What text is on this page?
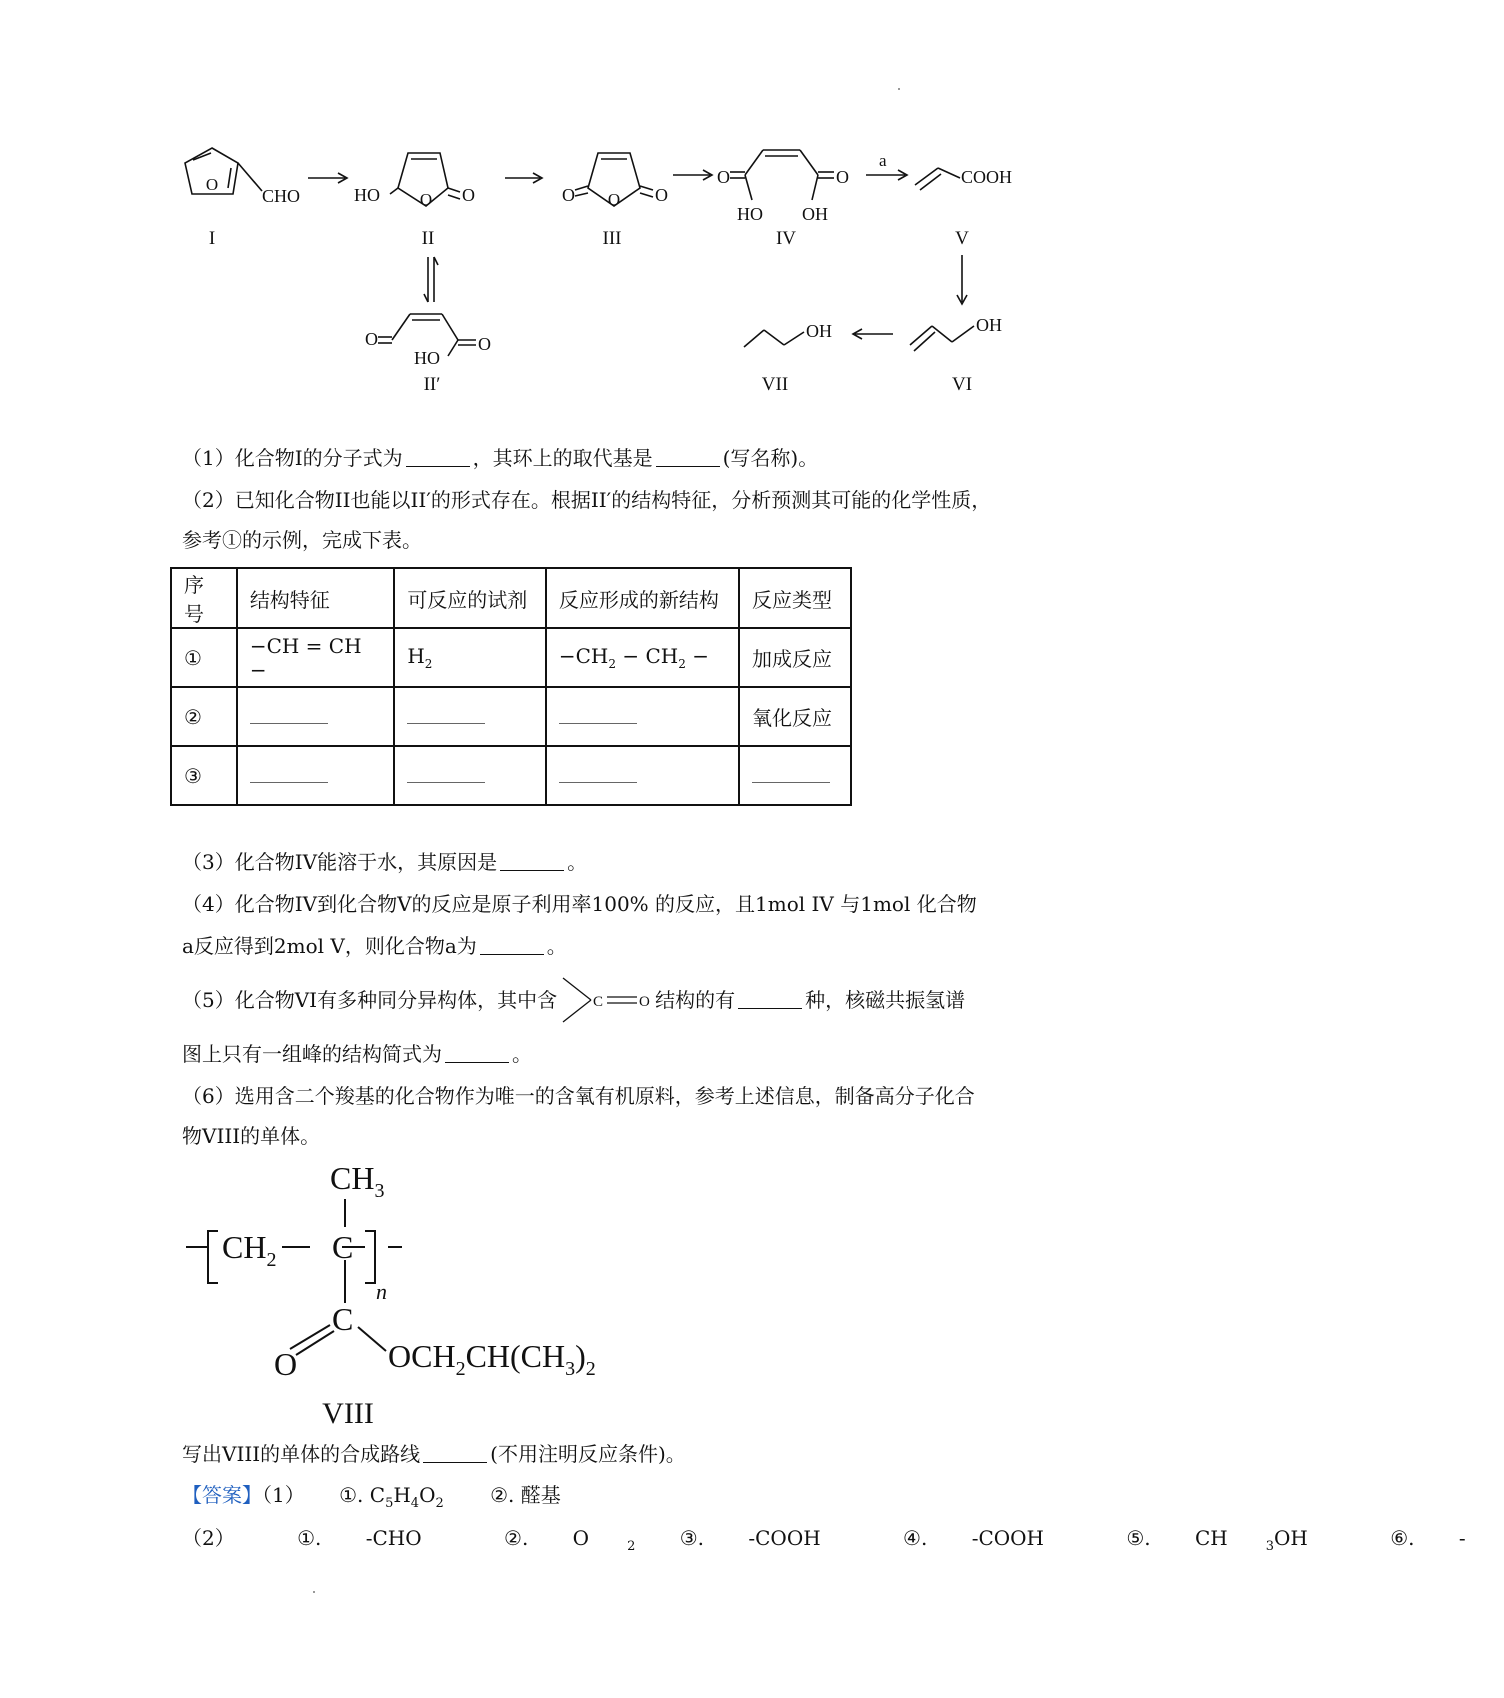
O
CHO	HO O O	O O O
O	O
HO OH
a
COOH
O	O
HO
OH
OH
I	II	III	IV	V
II′	VII	VI
（1）化合物I的分子式为	，其环上的取代基是	(写名称)。
（2）已知化合物II也能以II′的形式存在。根据II′的结构特征，分析预测其可能的化学性质，
参考①的示例，完成下表。
序号	结构特征	可反应的试剂	反应形成的新结构	反应类型
①	−CH = CH −	$H_2$	$-CH_2 - CH_2$ −	加成反应
②				氧化反应
③				
（3）化合物IV能溶于水，其原因是	。
（4）化合物IV到化合物V的反应是原子利用率100% 的反应，且1mol IV 与1mol 化合物
a反应得到2mol V，则化合物a为	。
（5）化合物VI有多种同分异构体，其中含 C O 结构的有	种，核磁共振氢谱
图上只有一组峰的结构简式为	。
（6）选用含二个羧基的化合物作为唯一的含氧有机原料，参考上述信息，制备高分子化合
物VIII的单体。
$CH_3$
$CH_2$ C
n
C
O	$OCH_2CH(CH_3)_2$
VIII
写出VIII的单体的合成路线	(不用注明反应条件)。
【答案】（1） ①. $C_5H_4O_2$ ②. 醛基
（2）	①. -CHO	②. O	$_2$ ③. -COOH	④. -COOH	⑤. CH	$_3$OH	⑥. -
